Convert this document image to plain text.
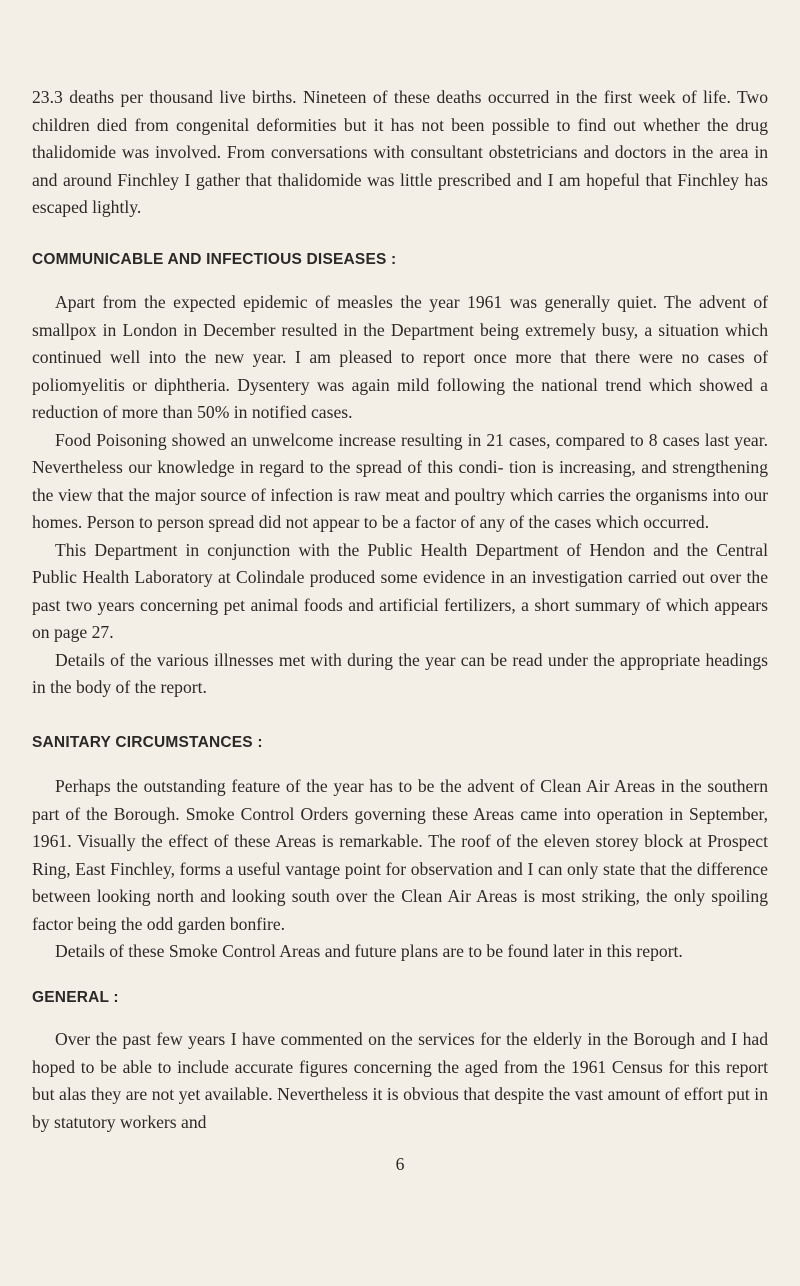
23.3 deaths per thousand live births. Nineteen of these deaths occurred in the first week of life. Two children died from congenital deformities but it has not been possible to find out whether the drug thalidomide was involved. From conversations with consultant obstetricians and doctors in the area in and around Finchley I gather that thalidomide was little prescribed and I am hopeful that Finchley has escaped lightly.

COMMUNICABLE AND INFECTIOUS DISEASES :

Apart from the expected epidemic of measles the year 1961 was generally quiet. The advent of smallpox in London in December resulted in the Department being extremely busy, a situation which continued well into the new year. I am pleased to report once more that there were no cases of poliomyelitis or diphtheria. Dysentery was again mild following the national trend which showed a reduction of more than 50% in notified cases.

Food Poisoning showed an unwelcome increase resulting in 21 cases, compared to 8 cases last year. Nevertheless our knowledge in regard to the spread of this condi- tion is increasing, and strengthening the view that the major source of infection is raw meat and poultry which carries the organisms into our homes. Person to person spread did not appear to be a factor of any of the cases which occurred.

This Department in conjunction with the Public Health Department of Hendon and the Central Public Health Laboratory at Colindale produced some evidence in an investigation carried out over the past two years concerning pet animal foods and artificial fertilizers, a short summary of which appears on page 27.

Details of the various illnesses met with during the year can be read under the appropriate headings in the body of the report.

SANITARY CIRCUMSTANCES :

Perhaps the outstanding feature of the year has to be the advent of Clean Air Areas in the southern part of the Borough. Smoke Control Orders governing these Areas came into operation in September, 1961. Visually the effect of these Areas is remarkable. The roof of the eleven storey block at Prospect Ring, East Finchley, forms a useful vantage point for observation and I can only state that the difference between looking north and looking south over the Clean Air Areas is most striking, the only spoiling factor being the odd garden bonfire.

Details of these Smoke Control Areas and future plans are to be found later in this report.

GENERAL :

Over the past few years I have commented on the services for the elderly in the Borough and I had hoped to be able to include accurate figures concerning the aged from the 1961 Census for this report but alas they are not yet available. Nevertheless it is obvious that despite the vast amount of effort put in by statutory workers and

6
